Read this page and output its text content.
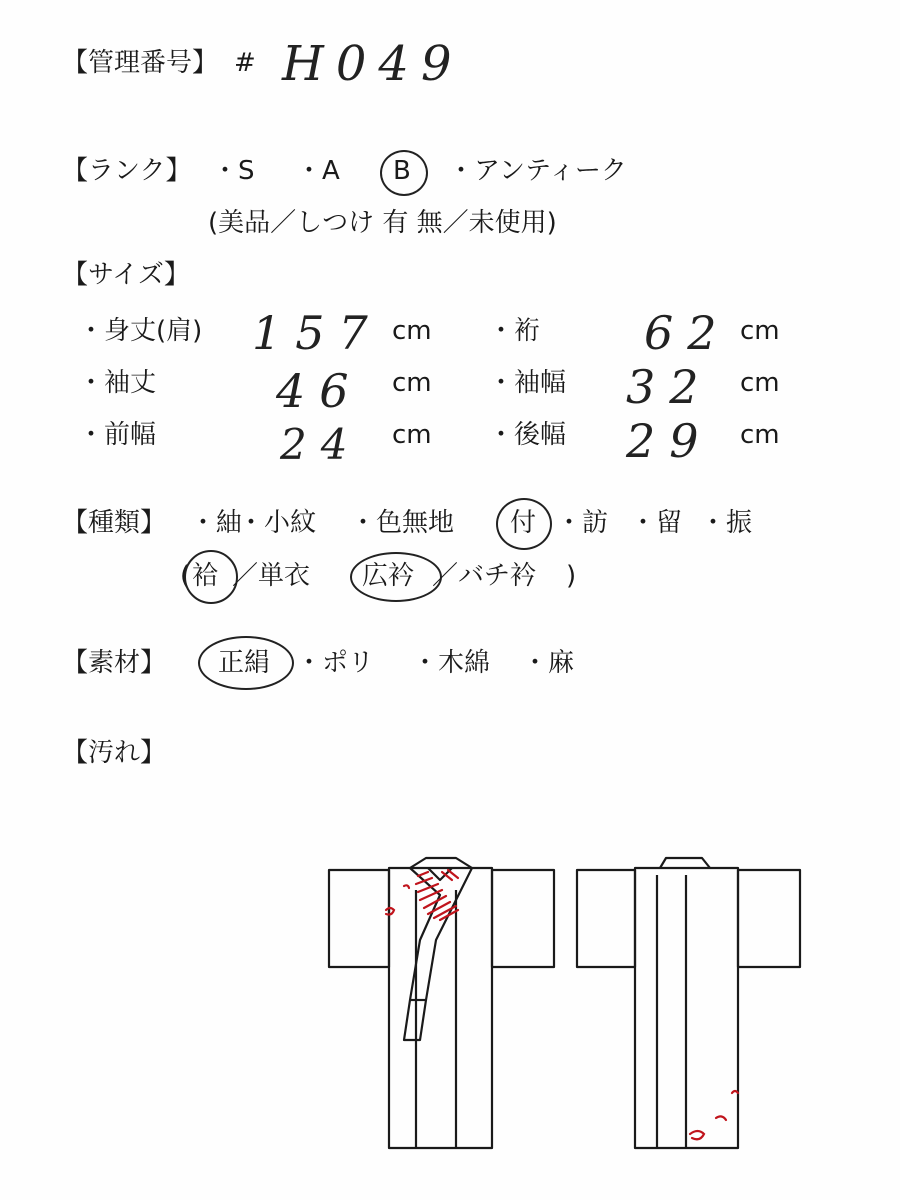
【管理番号】 # H049
【ランク】 ・S ・A B ・アンティーク
(美品／しつけ 有 無／未使用)
【サイズ】
・身丈(肩) 157 cm ・裄 62 cm
・袖丈	46 cm ・袖幅 32 cm
・前幅	24 cm ・後幅 29 cm
【種類】 ・紬
・小紋 ・色無地 付 ・訪 ・留 ・振
( 袷 ／単衣 広衿 ／バチ衿 )
【素材】 正絹 ・ポリ ・木綿 ・麻
【汚れ】
